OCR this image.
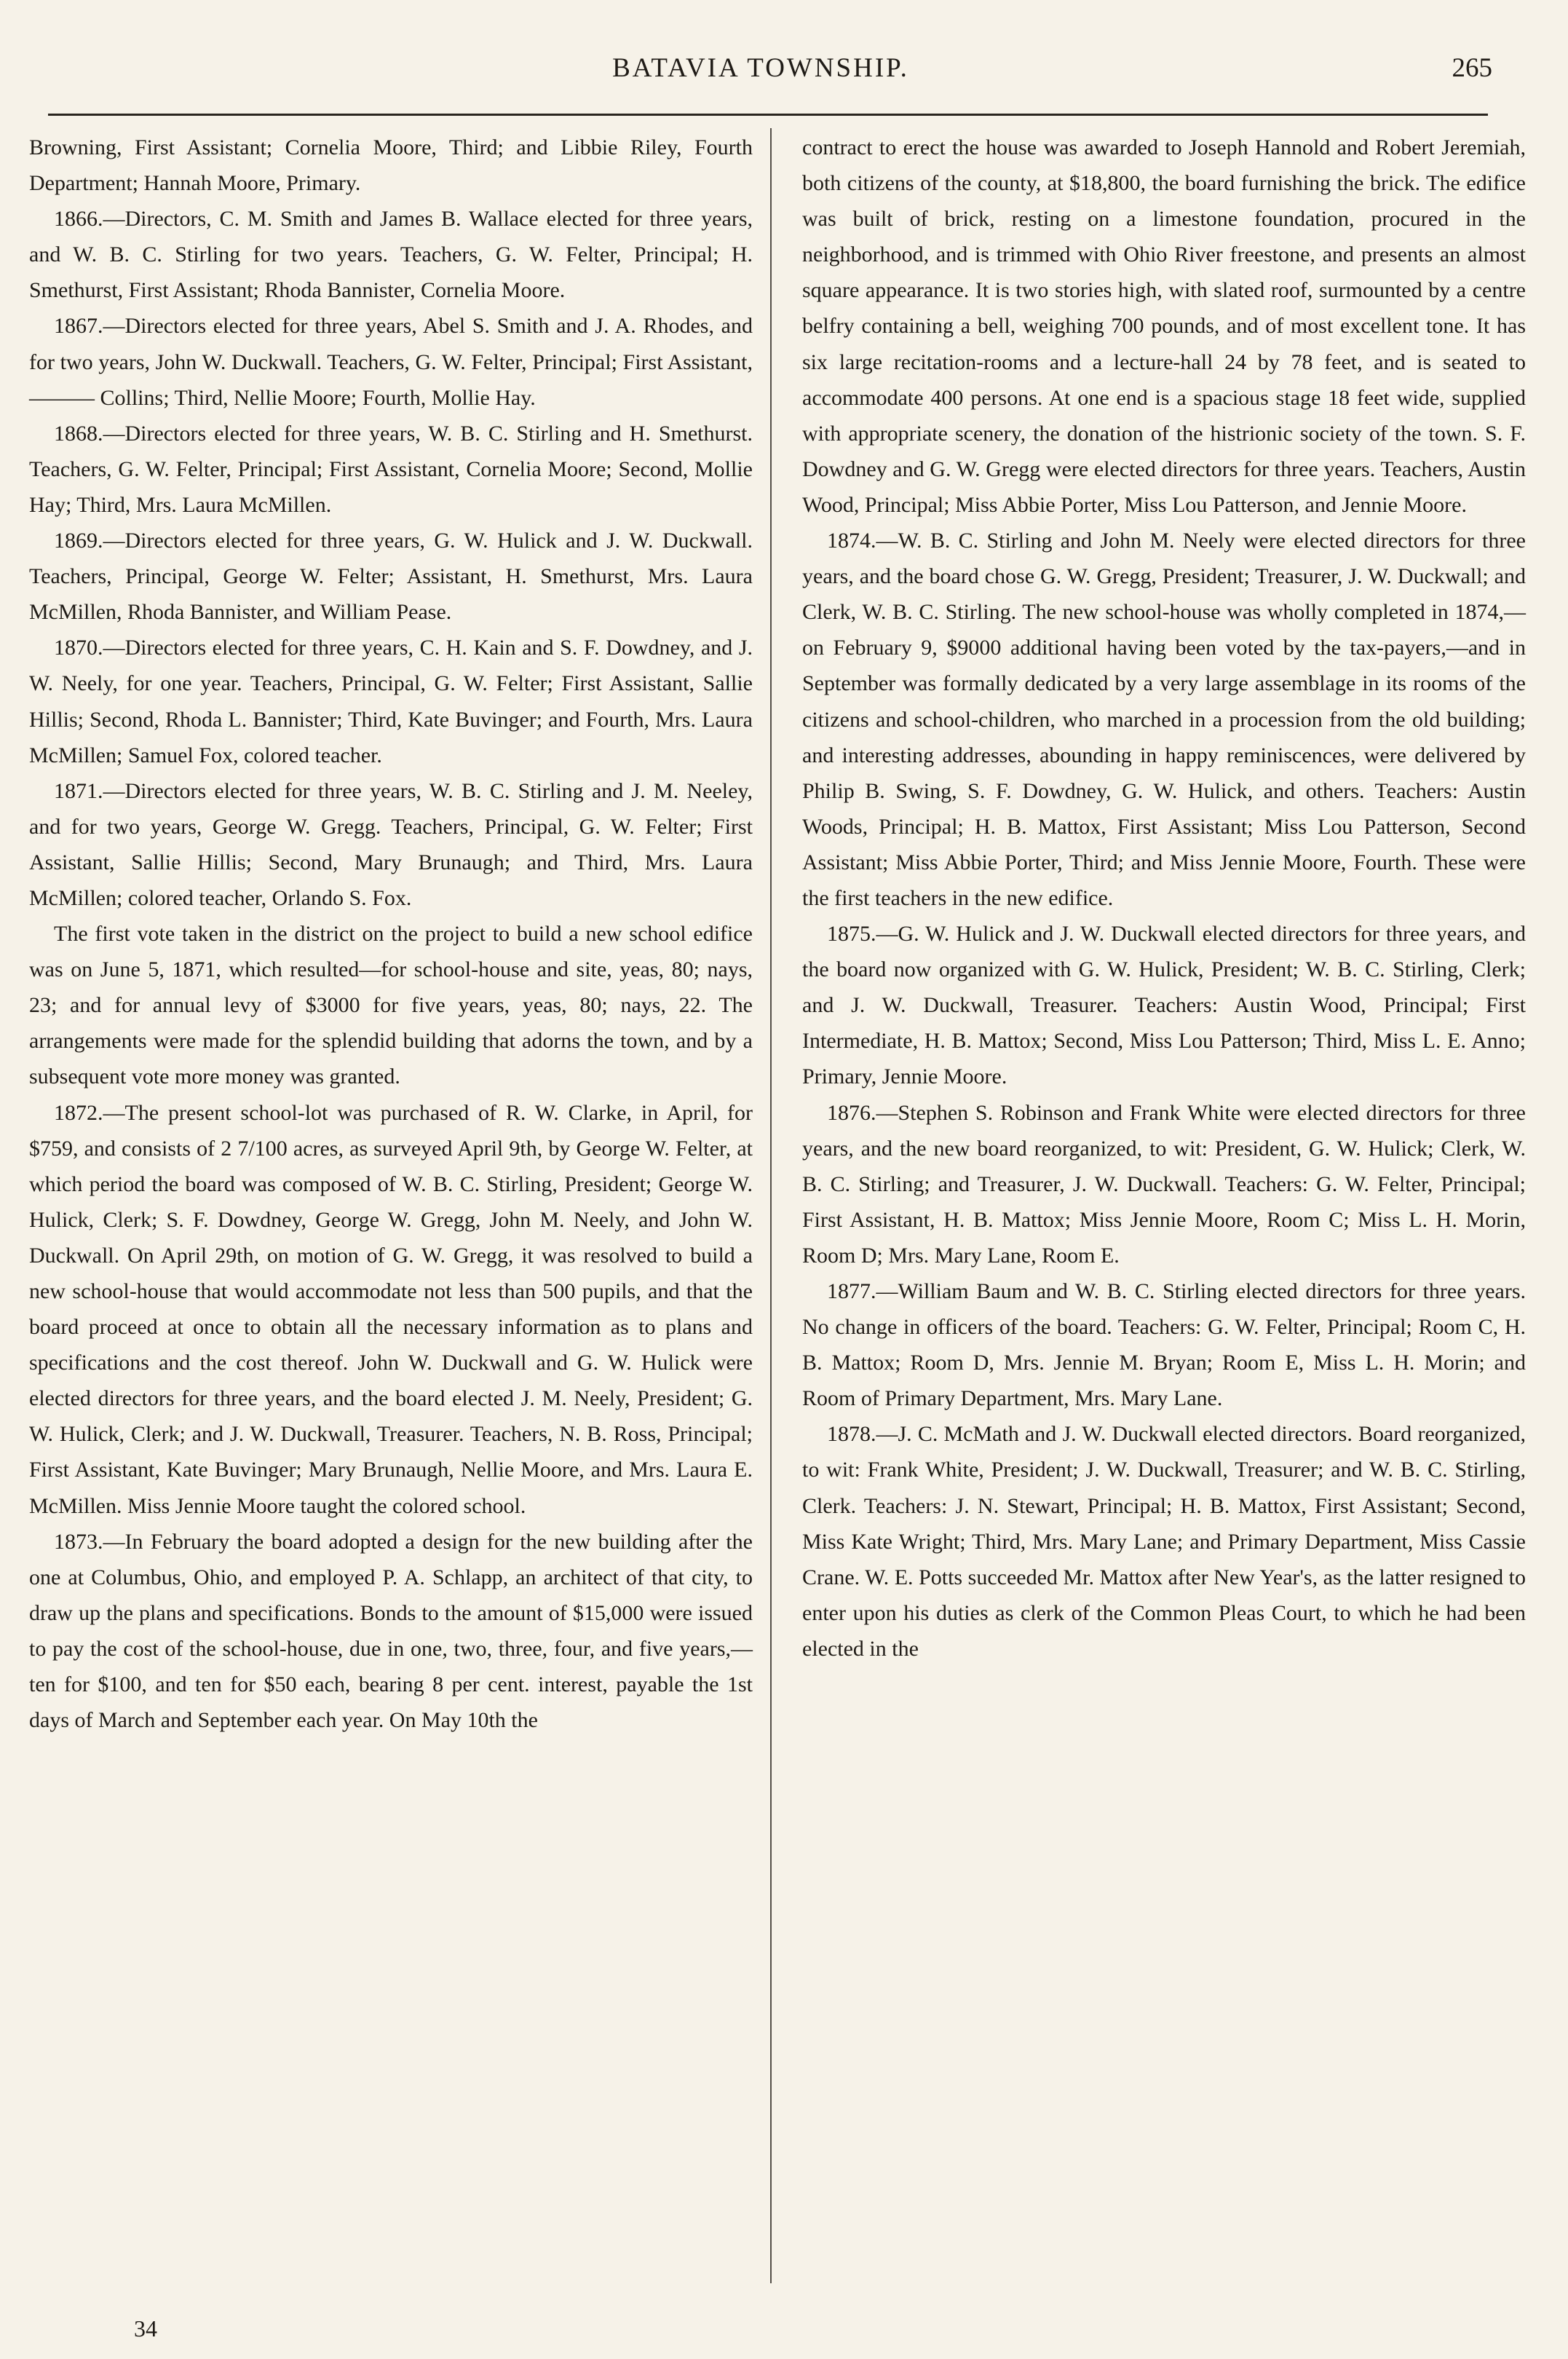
BATAVIA TOWNSHIP.	265

Browning, First Assistant; Cornelia Moore, Third; and Libbie Riley, Fourth Department; Hannah Moore, Primary.

1866.—Directors, C. M. Smith and James B. Wallace elected for three years, and W. B. C. Stirling for two years. Teachers, G. W. Felter, Principal; H. Smethurst, First Assistant; Rhoda Bannister, Cornelia Moore.

1867.—Directors elected for three years, Abel S. Smith and J. A. Rhodes, and for two years, John W. Duckwall. Teachers, G. W. Felter, Principal; First Assistant, ——— Collins; Third, Nellie Moore; Fourth, Mollie Hay.

1868.—Directors elected for three years, W. B. C. Stirling and H. Smethurst. Teachers, G. W. Felter, Principal; First Assistant, Cornelia Moore; Second, Mollie Hay; Third, Mrs. Laura McMillen.

1869.—Directors elected for three years, G. W. Hulick and J. W. Duckwall. Teachers, Principal, George W. Felter; Assistant, H. Smethurst, Mrs. Laura McMillen, Rhoda Bannister, and William Pease.

1870.—Directors elected for three years, C. H. Kain and S. F. Dowdney, and J. W. Neely, for one year. Teachers, Principal, G. W. Felter; First Assistant, Sallie Hillis; Second, Rhoda L. Bannister; Third, Kate Buvinger; and Fourth, Mrs. Laura McMillen; Samuel Fox, colored teacher.

1871.—Directors elected for three years, W. B. C. Stirling and J. M. Neeley, and for two years, George W. Gregg. Teachers, Principal, G. W. Felter; First Assistant, Sallie Hillis; Second, Mary Brunaugh; and Third, Mrs. Laura McMillen; colored teacher, Orlando S. Fox.

The first vote taken in the district on the project to build a new school edifice was on June 5, 1871, which resulted—for school-house and site, yeas, 80; nays, 23; and for annual levy of $3000 for five years, yeas, 80; nays, 22. The arrangements were made for the splendid building that adorns the town, and by a subsequent vote more money was granted.

1872.—The present school-lot was purchased of R. W. Clarke, in April, for $759, and consists of 2 7/100 acres, as surveyed April 9th, by George W. Felter, at which period the board was composed of W. B. C. Stirling, President; George W. Hulick, Clerk; S. F. Dowdney, George W. Gregg, John M. Neely, and John W. Duckwall. On April 29th, on motion of G. W. Gregg, it was resolved to build a new school-house that would accommodate not less than 500 pupils, and that the board proceed at once to obtain all the necessary information as to plans and specifications and the cost thereof. John W. Duckwall and G. W. Hulick were elected directors for three years, and the board elected J. M. Neely, President; G. W. Hulick, Clerk; and J. W. Duckwall, Treasurer. Teachers, N. B. Ross, Principal; First Assistant, Kate Buvinger; Mary Brunaugh, Nellie Moore, and Mrs. Laura E. McMillen. Miss Jennie Moore taught the colored school.

1873.—In February the board adopted a design for the new building after the one at Columbus, Ohio, and employed P. A. Schlapp, an architect of that city, to draw up the plans and specifications. Bonds to the amount of $15,000 were issued to pay the cost of the school-house, due in one, two, three, four, and five years,—ten for $100, and ten for $50 each, bearing 8 per cent. interest, payable the 1st days of March and September each year. On May 10th the

contract to erect the house was awarded to Joseph Hannold and Robert Jeremiah, both citizens of the county, at $18,800, the board furnishing the brick. The edifice was built of brick, resting on a limestone foundation, procured in the neighborhood, and is trimmed with Ohio River freestone, and presents an almost square appearance. It is two stories high, with slated roof, surmounted by a centre belfry containing a bell, weighing 700 pounds, and of most excellent tone. It has six large recitation-rooms and a lecture-hall 24 by 78 feet, and is seated to accommodate 400 persons. At one end is a spacious stage 18 feet wide, supplied with appropriate scenery, the donation of the histrionic society of the town. S. F. Dowdney and G. W. Gregg were elected directors for three years. Teachers, Austin Wood, Principal; Miss Abbie Porter, Miss Lou Patterson, and Jennie Moore.

1874.—W. B. C. Stirling and John M. Neely were elected directors for three years, and the board chose G. W. Gregg, President; Treasurer, J. W. Duckwall; and Clerk, W. B. C. Stirling. The new school-house was wholly completed in 1874,—on February 9, $9000 additional having been voted by the tax-payers,—and in September was formally dedicated by a very large assemblage in its rooms of the citizens and school-children, who marched in a procession from the old building; and interesting addresses, abounding in happy reminiscences, were delivered by Philip B. Swing, S. F. Dowdney, G. W. Hulick, and others. Teachers: Austin Woods, Principal; H. B. Mattox, First Assistant; Miss Lou Patterson, Second Assistant; Miss Abbie Porter, Third; and Miss Jennie Moore, Fourth. These were the first teachers in the new edifice.

1875.—G. W. Hulick and J. W. Duckwall elected directors for three years, and the board now organized with G. W. Hulick, President; W. B. C. Stirling, Clerk; and J. W. Duckwall, Treasurer. Teachers: Austin Wood, Principal; First Intermediate, H. B. Mattox; Second, Miss Lou Patterson; Third, Miss L. E. Anno; Primary, Jennie Moore.

1876.—Stephen S. Robinson and Frank White were elected directors for three years, and the new board reorganized, to wit: President, G. W. Hulick; Clerk, W. B. C. Stirling; and Treasurer, J. W. Duckwall. Teachers: G. W. Felter, Principal; First Assistant, H. B. Mattox; Miss Jennie Moore, Room C; Miss L. H. Morin, Room D; Mrs. Mary Lane, Room E.

1877.—William Baum and W. B. C. Stirling elected directors for three years. No change in officers of the board. Teachers: G. W. Felter, Principal; Room C, H. B. Mattox; Room D, Mrs. Jennie M. Bryan; Room E, Miss L. H. Morin; and Room of Primary Department, Mrs. Mary Lane.

1878.—J. C. McMath and J. W. Duckwall elected directors. Board reorganized, to wit: Frank White, President; J. W. Duckwall, Treasurer; and W. B. C. Stirling, Clerk. Teachers: J. N. Stewart, Principal; H. B. Mattox, First Assistant; Second, Miss Kate Wright; Third, Mrs. Mary Lane; and Primary Department, Miss Cassie Crane. W. E. Potts succeeded Mr. Mattox after New Year's, as the latter resigned to enter upon his duties as clerk of the Common Pleas Court, to which he had been elected in the

34
